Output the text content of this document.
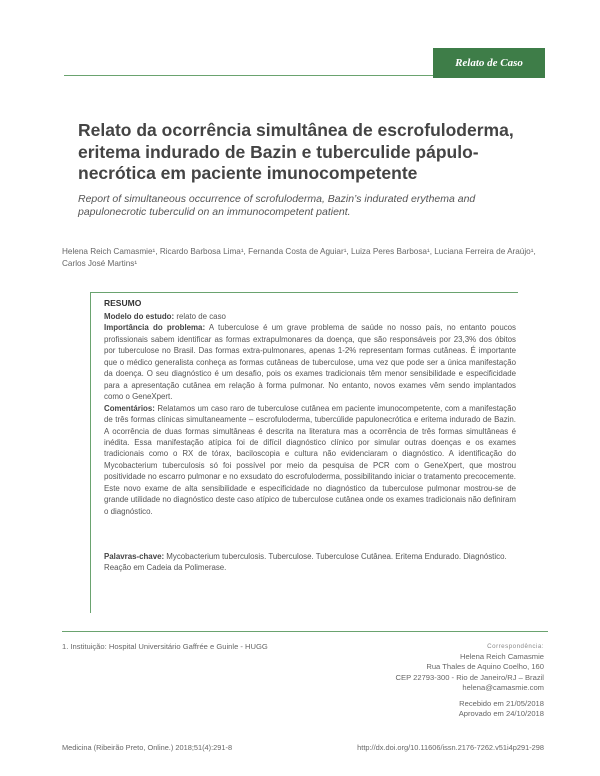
Relato de Caso
Relato da ocorrência simultânea de escrofuloderma, eritema indurado de Bazin e tuberculide pápulo-necrótica em paciente imunocompetente
Report of simultaneous occurrence of scrofuloderma, Bazin’s indurated erythema and papulonecrotic tuberculid on an immunocompetent patient.
Helena Reich Camasmie¹, Ricardo Barbosa Lima¹, Fernanda Costa de Aguiar¹, Luiza Peres Barbosa¹, Luciana Ferreira de Araújo¹, Carlos José Martins¹
RESUMO

Modelo do estudo: relato de caso

Importância do problema: A tuberculose é um grave problema de saúde no nosso país, no entanto poucos profissionais sabem identificar as formas extrapulmonares da doença, que são responsáveis por 23,3% dos óbitos por tuberculose no Brasil. Das formas extra-pulmonares, apenas 1-2% representam formas cutâneas. É importante que o médico generalista conheça as formas cutâneas de tuberculose, uma vez que pode ser a única manifestação da doença. O seu diagnóstico é um desafio, pois os exames tradicionais têm menor sensibilidade e especificidade para a apresentação cutânea em relação à forma pulmonar. No entanto, novos exames vêm sendo implantados como o GeneXpert.

Comentários: Relatamos um caso raro de tuberculose cutânea em paciente imunocompetente, com a manifestação de três formas clínicas simultaneamente – escrofuloderma, tubercúlide papulonecrótica e eritema indurado de Bazin. A ocorrência de duas formas simultâneas é descrita na literatura mas a ocorrência de três formas simultâneas é inédita. Essa manifestação atípica foi de difícil diagnóstico clínico por simular outras doenças e os exames tradicionais como o RX de tórax, baciloscopia e cultura não evidenciaram o diagnóstico. A identificação do Mycobacterium tuberculosis só foi possível por meio da pesquisa de PCR com o GeneXpert, que mostrou positividade no escarro pulmonar e no exsudato do escrofuloderma, possibilitando iniciar o tratamento precocemente. Este novo exame de alta sensibilidade e especificidade no diagnóstico da tuberculose pulmonar mostrou-se de grande utilidade no diagnóstico deste caso atípico de tuberculose cutânea onde os exames tradicionais não definiram o diagnóstico.

Palavras-chave: Mycobacterium tuberculosis. Tuberculose. Tuberculose Cutânea. Eritema Endurado. Diagnóstico. Reação em Cadeia da Polimerase.
1. Instituição: Hospital Universitário Gaffrée e Guinle - HUGG	Correspondência:
Helena Reich Camasmie
Rua Thales de Aquino Coelho, 160
CEP 22793-300 - Rio de Janeiro/RJ – Brazil
helena@camasmie.com
Recebido em 21/05/2018
Aprovado em 24/10/2018
Medicina (Ribeirão Preto, Online.) 2018;51(4):291-8	http://dx.doi.org/10.11606/issn.2176-7262.v51i4p291-298
